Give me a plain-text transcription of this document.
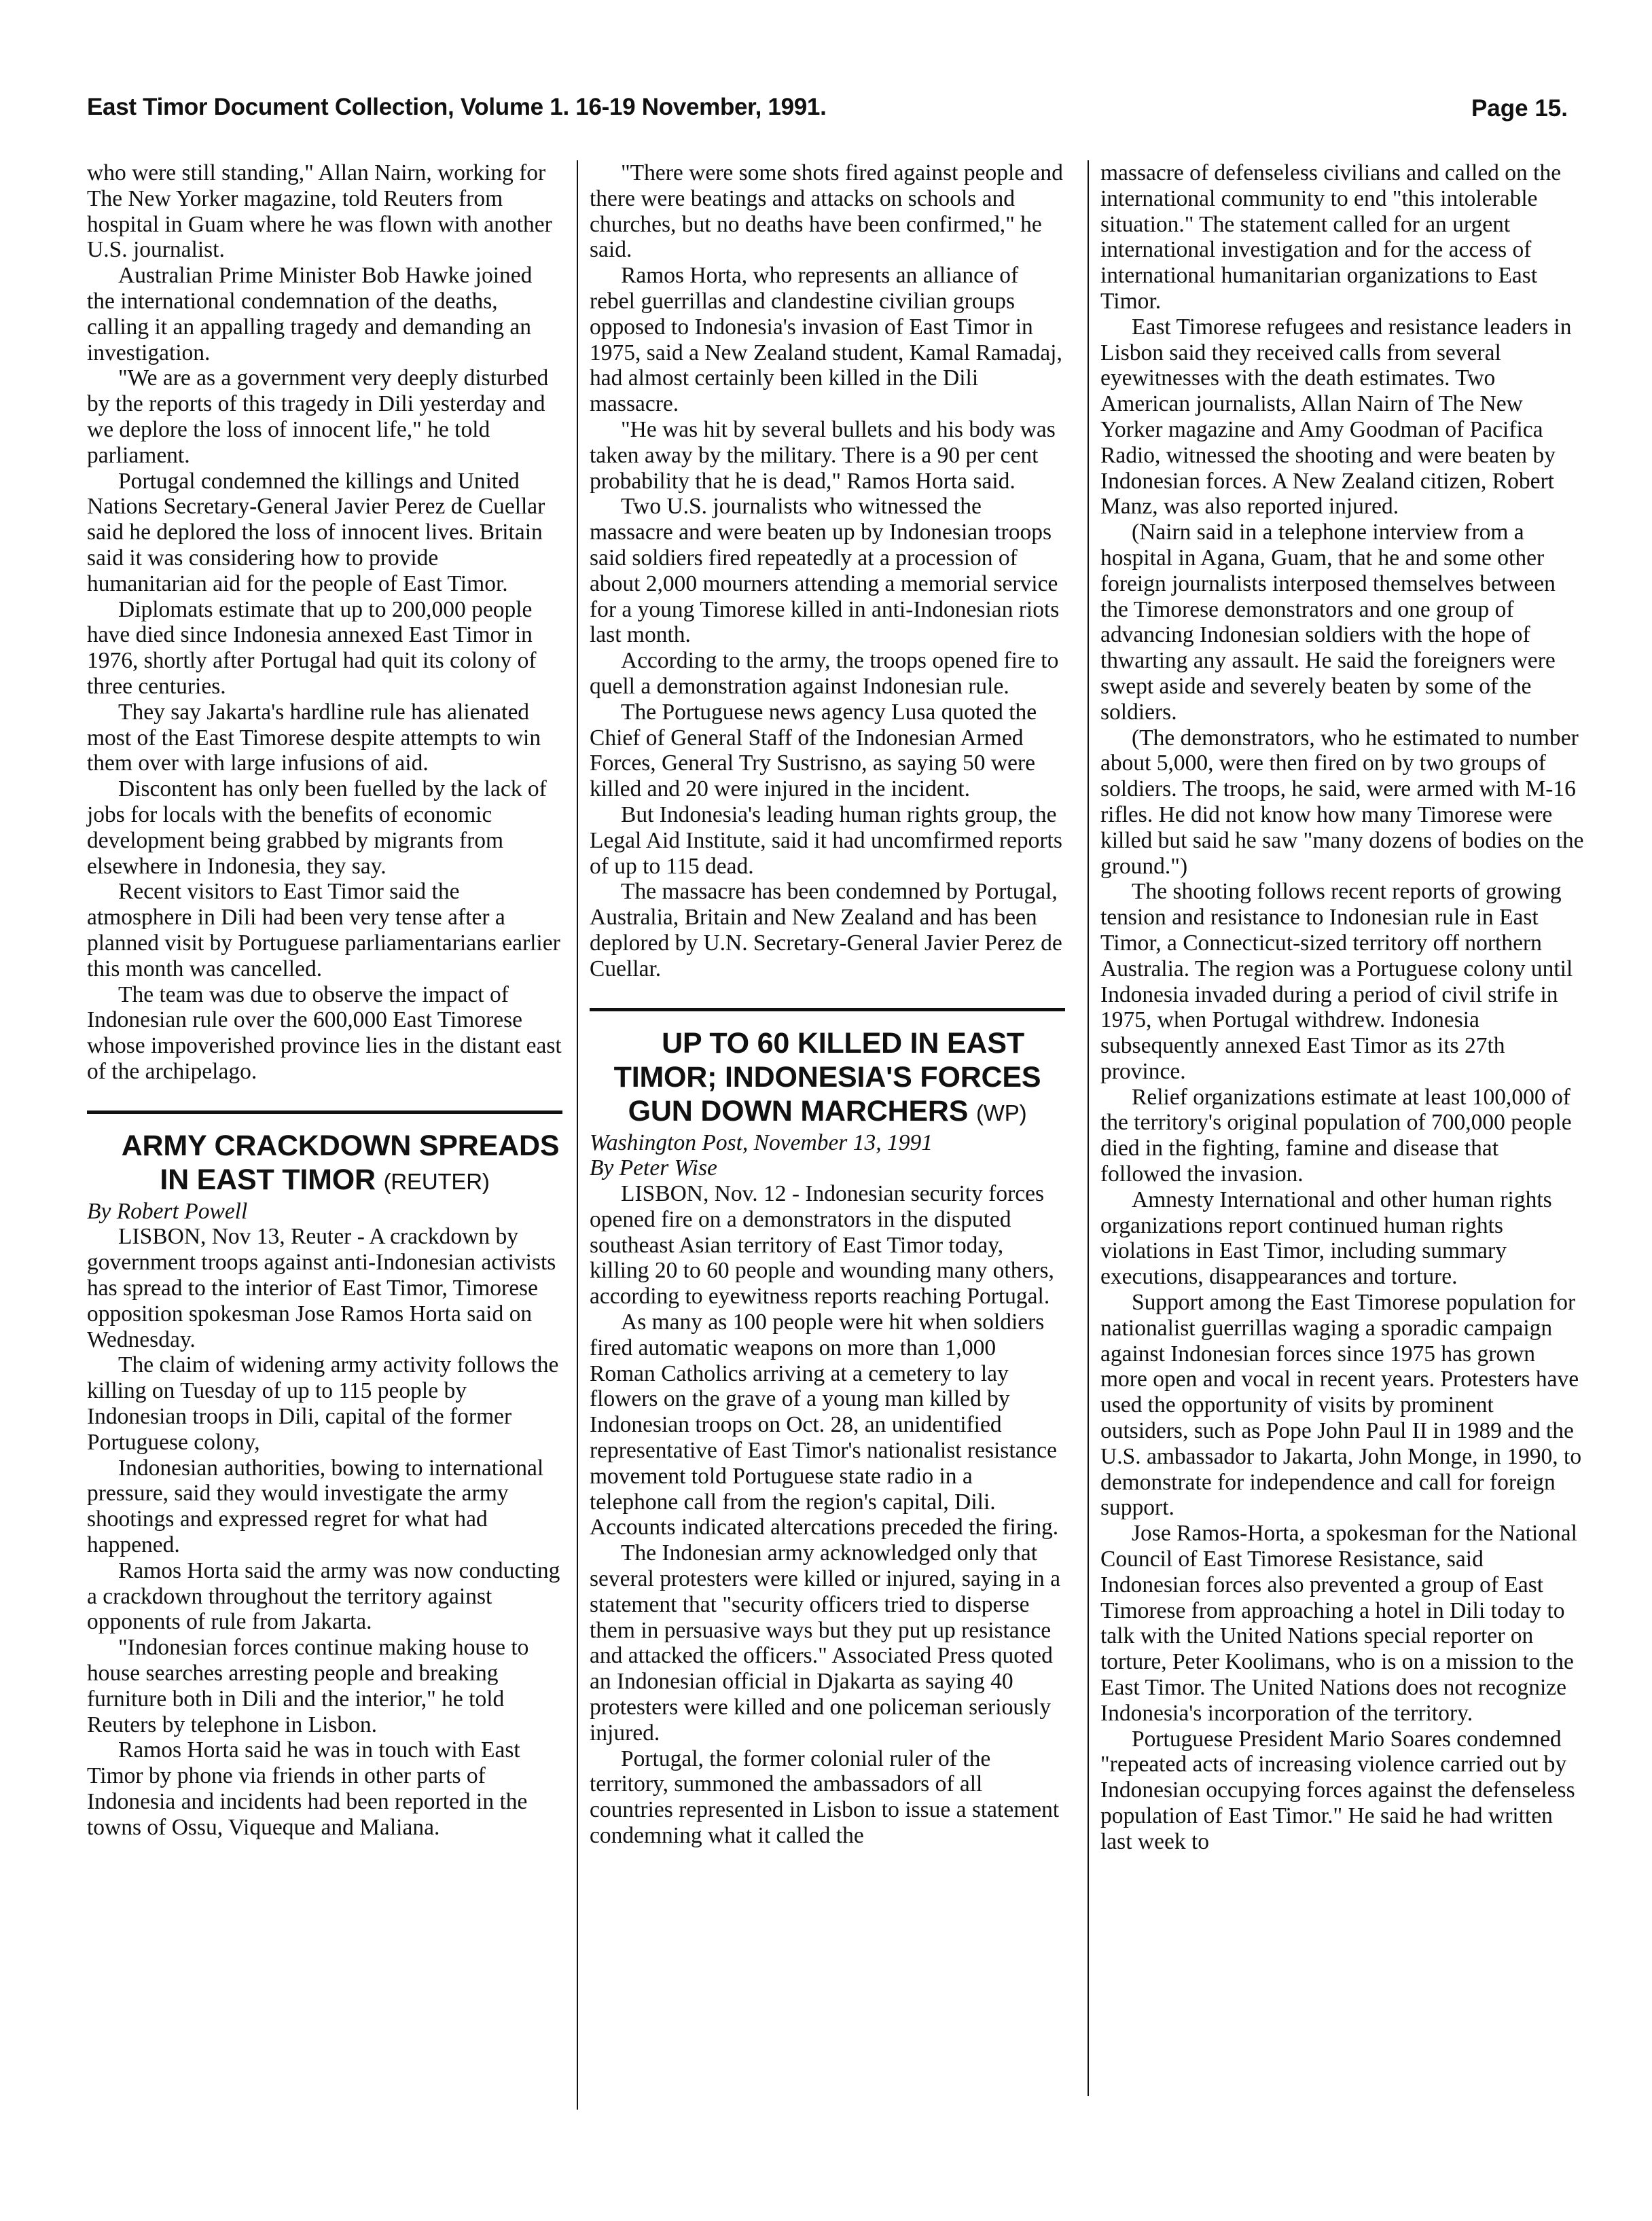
East Timor Document Collection, Volume 1. 16-19 November, 1991.	Page 15.

who were still standing," Allan Nairn, working for The New Yorker magazine, told Reuters from hospital in Guam where he was flown with another U.S. journalist.

Australian Prime Minister Bob Hawke joined the international condemnation of the deaths, calling it an appalling tragedy and demanding an investigation.

"We are as a government very deeply disturbed by the reports of this tragedy in Dili yesterday and we deplore the loss of innocent life," he told parliament.

Portugal condemned the killings and United Nations Secretary-General Javier Perez de Cuellar said he deplored the loss of innocent lives. Britain said it was considering how to provide humanitarian aid for the people of East Timor.

Diplomats estimate that up to 200,000 people have died since Indonesia annexed East Timor in 1976, shortly after Portugal had quit its colony of three centuries.

They say Jakarta's hardline rule has alienated most of the East Timorese despite attempts to win them over with large infusions of aid.

Discontent has only been fuelled by the lack of jobs for locals with the benefits of economic development being grabbed by migrants from elsewhere in Indonesia, they say.

Recent visitors to East Timor said the atmosphere in Dili had been very tense after a planned visit by Portuguese parliamentarians earlier this month was cancelled.

The team was due to observe the impact of Indonesian rule over the 600,000 East Timorese whose impoverished province lies in the distant east of the archipelago.

ARMY CRACKDOWN SPREADS IN EAST TIMOR (REUTER)

By Robert Powell

LISBON, Nov 13, Reuter - A crackdown by government troops against anti-Indonesian activists has spread to the interior of East Timor, Timorese opposition spokesman Jose Ramos Horta said on Wednesday.

The claim of widening army activity follows the killing on Tuesday of up to 115 people by Indonesian troops in Dili, capital of the former Portuguese colony,

Indonesian authorities, bowing to international pressure, said they would investigate the army shootings and expressed regret for what had happened.

Ramos Horta said the army was now conducting a crackdown throughout the territory against opponents of rule from Jakarta.

"Indonesian forces continue making house to house searches arresting people and breaking furniture both in Dili and the interior," he told Reuters by telephone in Lisbon.

Ramos Horta said he was in touch with East Timor by phone via friends in other parts of Indonesia and incidents had been reported in the towns of Ossu, Viqueque and Maliana.

"There were some shots fired against people and there were beatings and attacks on schools and churches, but no deaths have been confirmed," he said.

Ramos Horta, who represents an alliance of rebel guerrillas and clandestine civilian groups opposed to Indonesia's invasion of East Timor in 1975, said a New Zealand student, Kamal Ramadaj, had almost certainly been killed in the Dili massacre.

"He was hit by several bullets and his body was taken away by the military. There is a 90 per cent probability that he is dead," Ramos Horta said.

Two U.S. journalists who witnessed the massacre and were beaten up by Indonesian troops said soldiers fired repeatedly at a procession of about 2,000 mourners attending a memorial service for a young Timorese killed in anti-Indonesian riots last month.

According to the army, the troops opened fire to quell a demonstration against Indonesian rule.

The Portuguese news agency Lusa quoted the Chief of General Staff of the Indonesian Armed Forces, General Try Sustrisno, as saying 50 were killed and 20 were injured in the incident.

But Indonesia's leading human rights group, the Legal Aid Institute, said it had uncomfirmed reports of up to 115 dead.

The massacre has been condemned by Portugal, Australia, Britain and New Zealand and has been deplored by U.N. Secretary-General Javier Perez de Cuellar.

UP TO 60 KILLED IN EAST TIMOR; INDONESIA'S FORCES GUN DOWN MARCHERS (WP)

Washington Post, November 13, 1991

By Peter Wise

LISBON, Nov. 12 - Indonesian security forces opened fire on a demonstrators in the disputed southeast Asian territory of East Timor today, killing 20 to 60 people and wounding many others, according to eyewitness reports reaching Portugal.

As many as 100 people were hit when soldiers fired automatic weapons on more than 1,000 Roman Catholics arriving at a cemetery to lay flowers on the grave of a young man killed by Indonesian troops on Oct. 28, an unidentified representative of East Timor's nationalist resistance movement told Portuguese state radio in a telephone call from the region's capital, Dili. Accounts indicated altercations preceded the firing.

The Indonesian army acknowledged only that several protesters were killed or injured, saying in a statement that "security officers tried to disperse them in persuasive ways but they put up resistance and attacked the officers." Associated Press quoted an Indonesian official in Djakarta as saying 40 protesters were killed and one policeman seriously injured.

Portugal, the former colonial ruler of the territory, summoned the ambassadors of all countries represented in Lisbon to issue a statement condemning what it called the

massacre of defenseless civilians and called on the international community to end "this intolerable situation." The statement called for an urgent international investigation and for the access of international humanitarian organizations to East Timor.

East Timorese refugees and resistance leaders in Lisbon said they received calls from several eyewitnesses with the death estimates. Two American journalists, Allan Nairn of The New Yorker magazine and Amy Goodman of Pacifica Radio, witnessed the shooting and were beaten by Indonesian forces. A New Zealand citizen, Robert Manz, was also reported injured.

(Nairn said in a telephone interview from a hospital in Agana, Guam, that he and some other foreign journalists interposed themselves between the Timorese demonstrators and one group of advancing Indonesian soldiers with the hope of thwarting any assault. He said the foreigners were swept aside and severely beaten by some of the soldiers.

(The demonstrators, who he estimated to number about 5,000, were then fired on by two groups of soldiers. The troops, he said, were armed with M-16 rifles. He did not know how many Timorese were killed but said he saw "many dozens of bodies on the ground.")

The shooting follows recent reports of growing tension and resistance to Indonesian rule in East Timor, a Connecticut-sized territory off northern Australia. The region was a Portuguese colony until Indonesia invaded during a period of civil strife in 1975, when Portugal withdrew. Indonesia subsequently annexed East Timor as its 27th province.

Relief organizations estimate at least 100,000 of the territory's original population of 700,000 people died in the fighting, famine and disease that followed the invasion.

Amnesty International and other human rights organizations report continued human rights violations in East Timor, including summary executions, disappearances and torture.

Support among the East Timorese population for nationalist guerrillas waging a sporadic campaign against Indonesian forces since 1975 has grown more open and vocal in recent years. Protesters have used the opportunity of visits by prominent outsiders, such as Pope John Paul II in 1989 and the U.S. ambassador to Jakarta, John Monge, in 1990, to demonstrate for independence and call for foreign support.

Jose Ramos-Horta, a spokesman for the National Council of East Timorese Resistance, said Indonesian forces also prevented a group of East Timorese from approaching a hotel in Dili today to talk with the United Nations special reporter on torture, Peter Koolimans, who is on a mission to the East Timor. The United Nations does not recognize Indonesia's incorporation of the territory.

Portuguese President Mario Soares condemned "repeated acts of increasing violence carried out by Indonesian occupying forces against the defenseless population of East Timor." He said he had written last week to
